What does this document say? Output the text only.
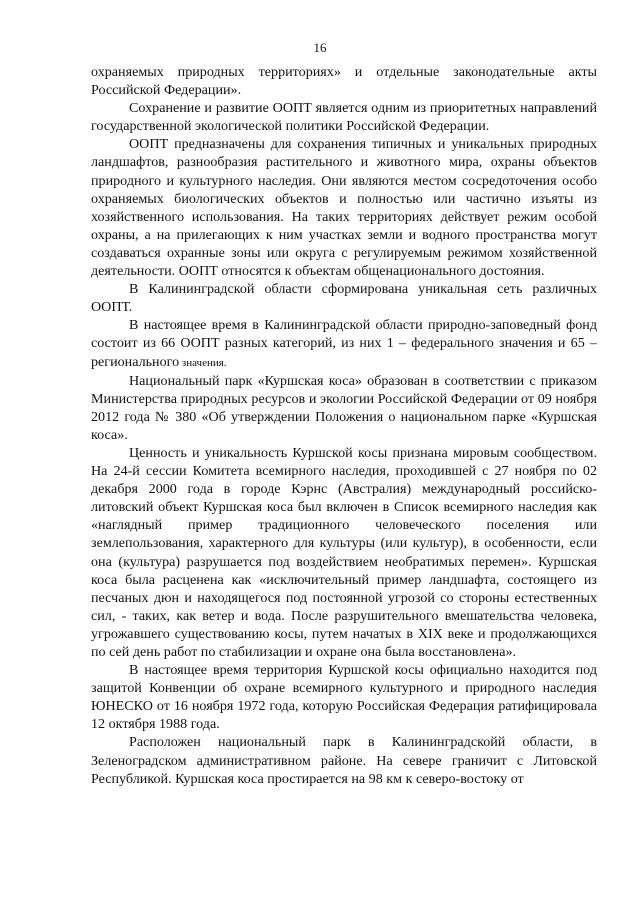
16

охраняемых природных территориях» и отдельные законодательные акты Российской Федерации».

Сохранение и развитие ООПТ является одним из приоритетных направлений государственной экологической политики Российской Федерации.

ООПТ предназначены для сохранения типичных и уникальных природных ландшафтов, разнообразия растительного и животного мира, охраны объектов природного и культурного наследия. Они являются местом сосредоточения особо охраняемых биологических объектов и полностью или частично изъяты из хозяйственного использования. На таких территориях действует режим особой охраны, а на прилегающих к ним участках земли и водного пространства могут создаваться охранные зоны или округа с регулируемым режимом хозяйственной деятельности. ООПТ относятся к объектам общенационального достояния.

В Калининградской области сформирована уникальная сеть различных ООПТ.

В настоящее время в Калининградской области природно-заповедный фонд состоит из 66 ООПТ разных категорий, из них 1 – федерального значения и 65 – регионального значения.

Национальный парк «Куршская коса» образован в соответствии с приказом Министерства природных ресурсов и экологии Российской Федерации от 09 ноября 2012 года № 380 «Об утверждении Положения о национальном парке «Куршская коса».

Ценность и уникальность Куршской косы признана мировым сообществом. На 24-й сессии Комитета всемирного наследия, проходившей с 27 ноября по 02 декабря 2000 года в городе Кэрнс (Австралия) международный российско-литовский объект Куршская коса был включен в Список всемирного наследия как «наглядный пример традиционного человеческого поселения или землепользования, характерного для культуры (или культур), в особенности, если она (культура) разрушается под воздействием необратимых перемен». Куршская коса была расценена как «исключительный пример ландшафта, состоящего из песчаных дюн и находящегося под постоянной угрозой со стороны естественных сил, - таких, как ветер и вода. После разрушительного вмешательства человека, угрожавшего существованию косы, путем начатых в XIX веке и продолжающихся по сей день работ по стабилизации и охране она была восстановлена».

В настоящее время территория Куршской косы официально находится под защитой Конвенции об охране всемирного культурного и природного наследия ЮНЕСКО от 16 ноября 1972 года, которую Российская Федерация ратифицировала 12 октября 1988 года.

Расположен национальный парк в Калининградскойй области, в Зеленоградском административном районе. На севере граничит с Литовской Республикой. Куршская коса простирается на 98 км к северо-востоку от
